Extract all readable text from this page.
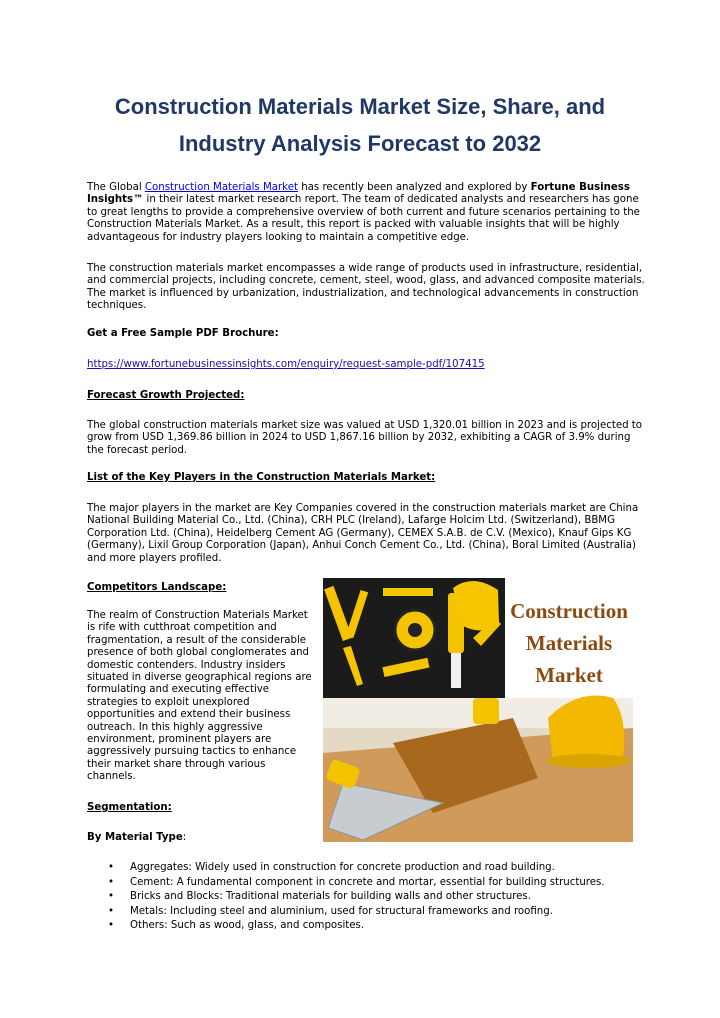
Construction Materials Market Size, Share, and
Industry Analysis Forecast to 2032

The Global Construction Materials Market has recently been analyzed and explored by Fortune Business Insights™ in their latest market research report. The team of dedicated analysts and researchers has gone to great lengths to provide a comprehensive overview of both current and future scenarios pertaining to the Construction Materials Market. As a result, this report is packed with valuable insights that will be highly advantageous for industry players looking to maintain a competitive edge.

The construction materials market encompasses a wide range of products used in infrastructure, residential, and commercial projects, including concrete, cement, steel, wood, glass, and advanced composite materials. The market is influenced by urbanization, industrialization, and technological advancements in construction techniques.

Get a Free Sample PDF Brochure:

https://www.fortunebusinessinsights.com/enquiry/request-sample-pdf/107415

Forecast Growth Projected:

The global construction materials market size was valued at USD 1,320.01 billion in 2023 and is projected to grow from USD 1,369.86 billion in 2024 to USD 1,867.16 billion by 2032, exhibiting a CAGR of 3.9% during the forecast period.

List of the Key Players in the Construction Materials Market:

The major players in the market are Key Companies covered in the construction materials market are China National Building Material Co., Ltd. (China), CRH PLC (Ireland), Lafarge Holcim Ltd. (Switzerland), BBMG Corporation Ltd. (China), Heidelberg Cement AG (Germany), CEMEX S.A.B. de C.V. (Mexico), Knauf Gips KG (Germany), Lixil Group Corporation (Japan), Anhui Conch Cement Co., Ltd. (China), Boral Limited (Australia) and more players profiled.

Competitors Landscape:

The realm of Construction Materials Market is rife with cutthroat competition and fragmentation, a result of the considerable presence of both global conglomerates and domestic contenders. Industry insiders situated in diverse geographical regions are formulating and executing effective strategies to exploit unexplored opportunities and extend their business outreach. In this highly aggressive environment, prominent players are aggressively pursuing tactics to enhance their market share through various channels.

Segmentation:

By Material Type:

Construction
Materials
Market
• Aggregates: Widely used in construction for concrete production and road building.
• Cement: A fundamental component in concrete and mortar, essential for building structures.
• Bricks and Blocks: Traditional materials for building walls and other structures.
• Metals: Including steel and aluminium, used for structural frameworks and roofing.
• Others: Such as wood, glass, and composites.
